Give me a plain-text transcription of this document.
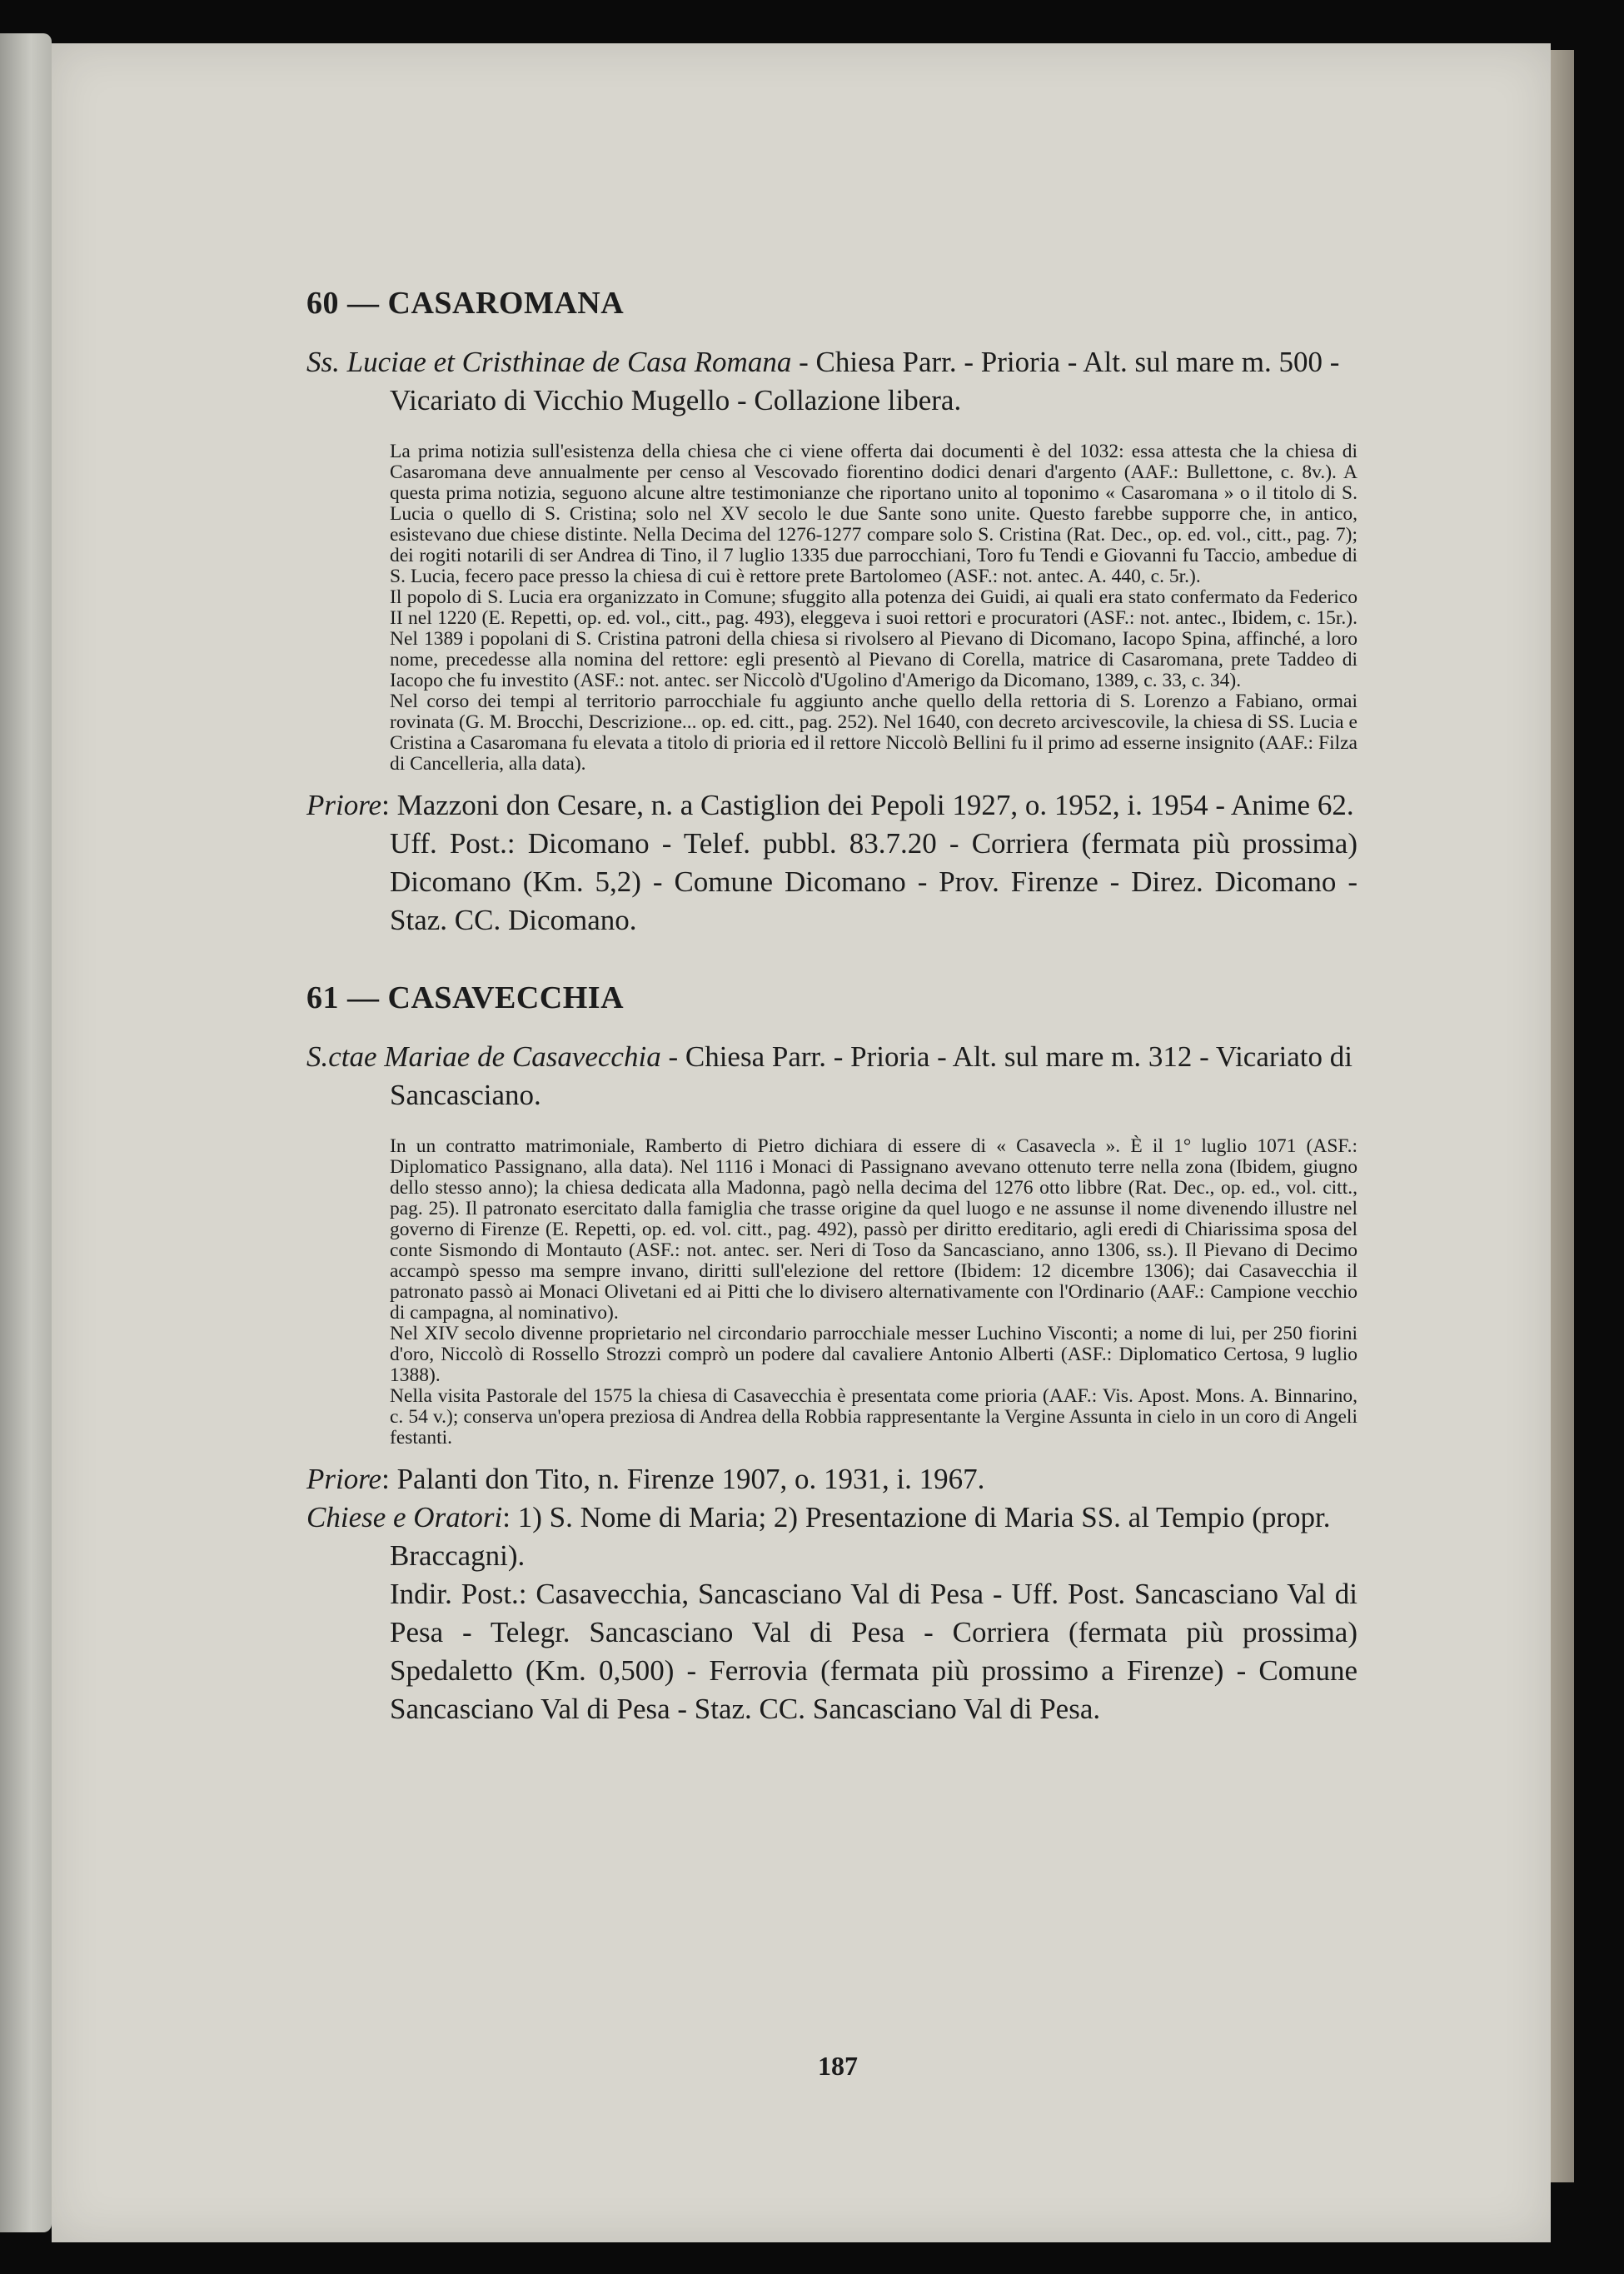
60 — CASAROMANA
Ss. Luciae et Cristhinae de Casa Romana - Chiesa Parr. - Prioria - Alt. sul mare m. 500 - Vicariato di Vicchio Mugello - Collazione libera.

La prima notizia sull'esistenza della chiesa che ci viene offerta dai documenti è del 1032: essa attesta che la chiesa di Casaromana deve annualmente per censo al Vescovado fiorentino dodici denari d'argento (AAF.: Bullettone, c. 8v.). A questa prima notizia, seguono alcune altre testimonianze che riportano unito al toponimo « Casaromana » o il titolo di S. Lucia o quello di S. Cristina; solo nel XV secolo le due Sante sono unite. Questo farebbe supporre che, in antico, esistevano due chiese distinte. Nella Decima del 1276-1277 compare solo S. Cristina (Rat. Dec., op. ed. vol., citt., pag. 7); dei rogiti notarili di ser Andrea di Tino, il 7 luglio 1335 due parrocchiani, Toro fu Tendi e Giovanni fu Taccio, ambedue di S. Lucia, fecero pace presso la chiesa di cui è rettore prete Bartolomeo (ASF.: not. antec. A. 440, c. 5r.).

Il popolo di S. Lucia era organizzato in Comune; sfuggito alla potenza dei Guidi, ai quali era stato confermato da Federico II nel 1220 (E. Repetti, op. ed. vol., citt., pag. 493), eleggeva i suoi rettori e procuratori (ASF.: not. antec., Ibidem, c. 15r.). Nel 1389 i popolani di S. Cristina patroni della chiesa si rivolsero al Pievano di Dicomano, Iacopo Spina, affinché, a loro nome, precedesse alla nomina del rettore: egli presentò al Pievano di Corella, matrice di Casaromana, prete Taddeo di Iacopo che fu investito (ASF.: not. antec. ser Niccolò d'Ugolino d'Amerigo da Dicomano, 1389, c. 33, c. 34).

Nel corso dei tempi al territorio parrocchiale fu aggiunto anche quello della rettoria di S. Lorenzo a Fabiano, ormai rovinata (G. M. Brocchi, Descrizione... op. ed. citt., pag. 252). Nel 1640, con decreto arcivescovile, la chiesa di SS. Lucia e Cristina a Casaromana fu elevata a titolo di prioria ed il rettore Niccolò Bellini fu il primo ad esserne insignito (AAF.: Filza di Cancelleria, alla data).

Priore: Mazzoni don Cesare, n. a Castiglion dei Pepoli 1927, o. 1952, i. 1954 - Anime 62.
Uff. Post.: Dicomano - Telef. pubbl. 83.7.20 - Corriera (fermata più prossima) Dicomano (Km. 5,2) - Comune Dicomano - Prov. Firenze - Direz. Dicomano - Staz. CC. Dicomano.
61 — CASAVECCHIA
S.ctae Mariae de Casavecchia - Chiesa Parr. - Prioria - Alt. sul mare m. 312 - Vicariato di Sancasciano.

In un contratto matrimoniale, Ramberto di Pietro dichiara di essere di « Casavecla ». È il 1° luglio 1071 (ASF.: Diplomatico Passignano, alla data). Nel 1116 i Monaci di Passignano avevano ottenuto terre nella zona (Ibidem, giugno dello stesso anno); la chiesa dedicata alla Madonna, pagò nella decima del 1276 otto libbre (Rat. Dec., op. ed., vol. citt., pag. 25). Il patronato esercitato dalla famiglia che trasse origine da quel luogo e ne assunse il nome divenendo illustre nel governo di Firenze (E. Repetti, op. ed. vol. citt., pag. 492), passò per diritto ereditario, agli eredi di Chiarissima sposa del conte Sismondo di Montauto (ASF.: not. antec. ser. Neri di Toso da Sancasciano, anno 1306, ss.). Il Pievano di Decimo accampò spesso ma sempre invano, diritti sull'elezione del rettore (Ibidem: 12 dicembre 1306); dai Casavecchia il patronato passò ai Monaci Olivetani ed ai Pitti che lo divisero alternativamente con l'Ordinario (AAF.: Campione vecchio di campagna, al nominativo).

Nel XIV secolo divenne proprietario nel circondario parrocchiale messer Luchino Visconti; a nome di lui, per 250 fiorini d'oro, Niccolò di Rossello Strozzi comprò un podere dal cavaliere Antonio Alberti (ASF.: Diplomatico Certosa, 9 luglio 1388).

Nella visita Pastorale del 1575 la chiesa di Casavecchia è presentata come prioria (AAF.: Vis. Apost. Mons. A. Binnarino, c. 54 v.); conserva un'opera preziosa di Andrea della Robbia rappresentante la Vergine Assunta in cielo in un coro di Angeli festanti.

Priore: Palanti don Tito, n. Firenze 1907, o. 1931, i. 1967.
Chiese e Oratori: 1) S. Nome di Maria; 2) Presentazione di Maria SS. al Tempio (propr. Braccagni).
Indir. Post.: Casavecchia, Sancasciano Val di Pesa - Uff. Post. Sancasciano Val di Pesa - Telegr. Sancasciano Val di Pesa - Corriera (fermata più prossima) Spedaletto (Km. 0,500) - Ferrovia (fermata più prossimo a Firenze) - Comune Sancasciano Val di Pesa - Staz. CC. Sancasciano Val di Pesa.
187
